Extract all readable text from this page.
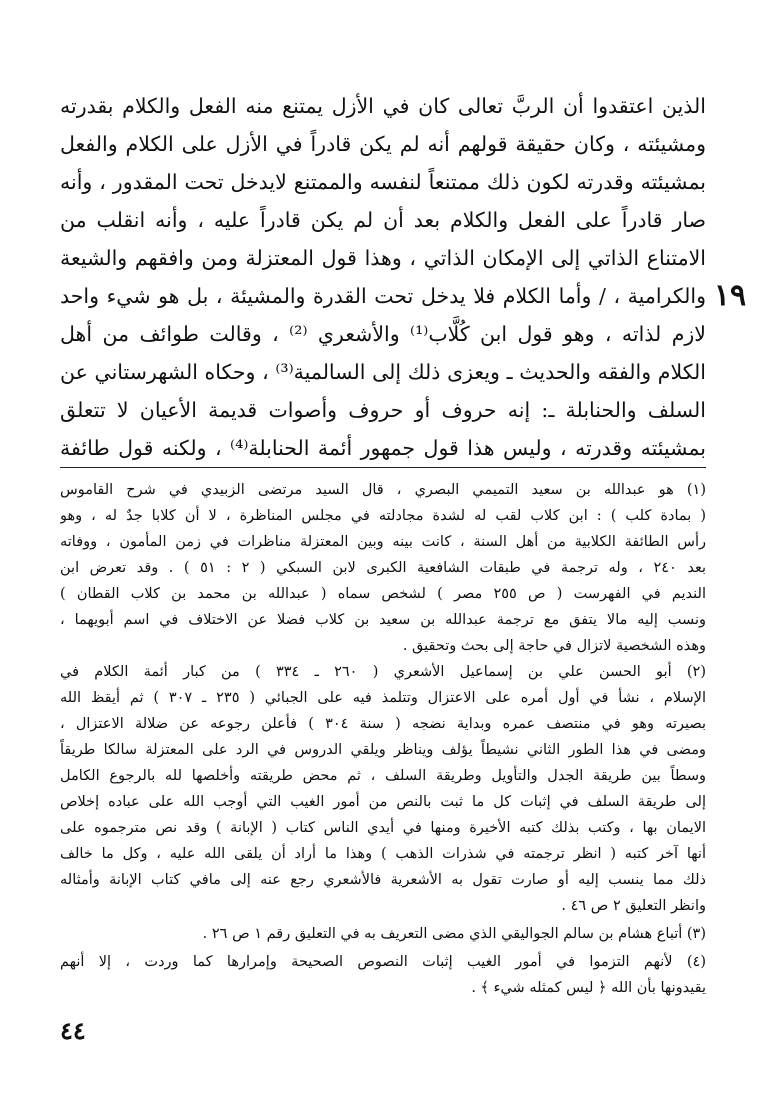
الذين اعتقدوا أن الربَّ تعالى كان في الأزل يمتنع منه الفعل والكلام بقدرته
ومشيئته ، وكان حقيقة قولهم أنه لم يكن قادراً في الأزل على الكلام والفعل
بمشيئته وقدرته لكون ذلك ممتنعاً لنفسه والممتنع لايدخل تحت المقدور ، وأنه
صار قادراً على الفعل والكلام بعد أن لم يكن قادراً عليه ، وأنه انقلب من
الامتناع الذاتي إلى الإمكان الذاتي ، وهذا قول المعتزلة ومن وافقهم والشيعة
والكرامية ، / وأما الكلام فلا يدخل تحت القدرة والمشيئة ، بل هو شيء واحد
لازم لذاته ، وهو قول ابن كُلَّاب⁽¹⁾ والأشعري ⁽²⁾ ، وقالت طوائف من أهل
الكلام والفقه والحديث ـ ويعزى ذلك إلى السالمية⁽³⁾ ، وحكاه الشهرستاني عن
السلف والحنابلة ـ: إنه حروف أو حروف وأصوات قديمة الأعيان لا تتعلق
بمشيئته وقدرته ، وليس هذا قول جمهور أئمة الحنابلة⁽⁴⁾ ، ولكنه قول طائفة
١٩
(١) هو عبدالله بن سعيد التميمي البصري ، قال السيد مرتضى الزبيدي في شرح القاموس
( بمادة كلب ) : ابن كلاب لقب له لشدة مجادلته في مجلس المناظرة ، لا أن كلابا جدٌ له ، وهو
رأس الطائفة الكلابية من أهل السنة ، كانت بينه وبين المعتزلة مناظرات في زمن المأمون ، ووفاته
بعد ٢٤٠ ، وله ترجمة في طبقات الشافعية الكبرى لابن السبكي ( ٢ : ٥١ ) . وقد تعرض ابن
النديم في الفهرست ( ص ٢٥٥ مصر ) لشخص سماه ( عبدالله بن محمد بن كلاب القطان )
ونسب إليه مالا يتفق مع ترجمة عبدالله بن سعيد بن كلاب فضلا عن الاختلاف في اسم أبويهما ،
وهذه الشخصية لاتزال في حاجة إلى بحث وتحقيق .
(٢) أبو الحسن علي بن إسماعيل الأشعري ( ٢٦٠ ـ ٣٣٤ ) من كبار أئمة الكلام في
الإسلام ، نشأ في أول أمره على الاعتزال وتتلمذ فيه على الجبائي ( ٢٣٥ ـ ٣٠٧ ) ثم أيقظ الله
بصيرته وهو في منتصف عمره وبداية نضجه ( سنة ٣٠٤ ) فأعلن رجوعه عن ضلالة الاعتزال ،
ومضى في هذا الطور الثاني نشيطاً يؤلف ويناظر ويلقي الدروس في الرد على المعتزلة سالكا طريقاً
وسطاً بين طريقة الجدل والتأويل وطريقة السلف ، ثم محض طريقته وأخلصها لله بالرجوع الكامل
إلى طريقة السلف في إثبات كل ما ثبت بالنص من أمور الغيب التي أوجب الله على عباده إخلاص
الايمان بها ، وكتب بذلك كتبه الأخيرة ومنها في أيدي الناس كتاب ( الإبانة ) وقد نص مترجموه على
أنها آخر كتبه ( انظر ترجمته في شذرات الذهب ) وهذا ما أراد أن يلقى الله عليه ، وكل ما خالف
ذلك مما ينسب إليه أو صارت تقول به الأشعرية فالأشعري رجع عنه إلى مافي كتاب الإبانة وأمثاله
وانظر التعليق ٢ ص ٤٦ .
(٣) أتباع هشام بن سالم الجواليقي الذي مضى التعريف به في التعليق رقم ١ ص ٢٦ .
(٤) لأنهم التزموا في أمور الغيب إثبات النصوص الصحيحة وإمرارها كما وردت ، إلا أنهم
يقيدونها بأن الله ﴿ ليس كمثله شيء ﴾ .
٤٤
